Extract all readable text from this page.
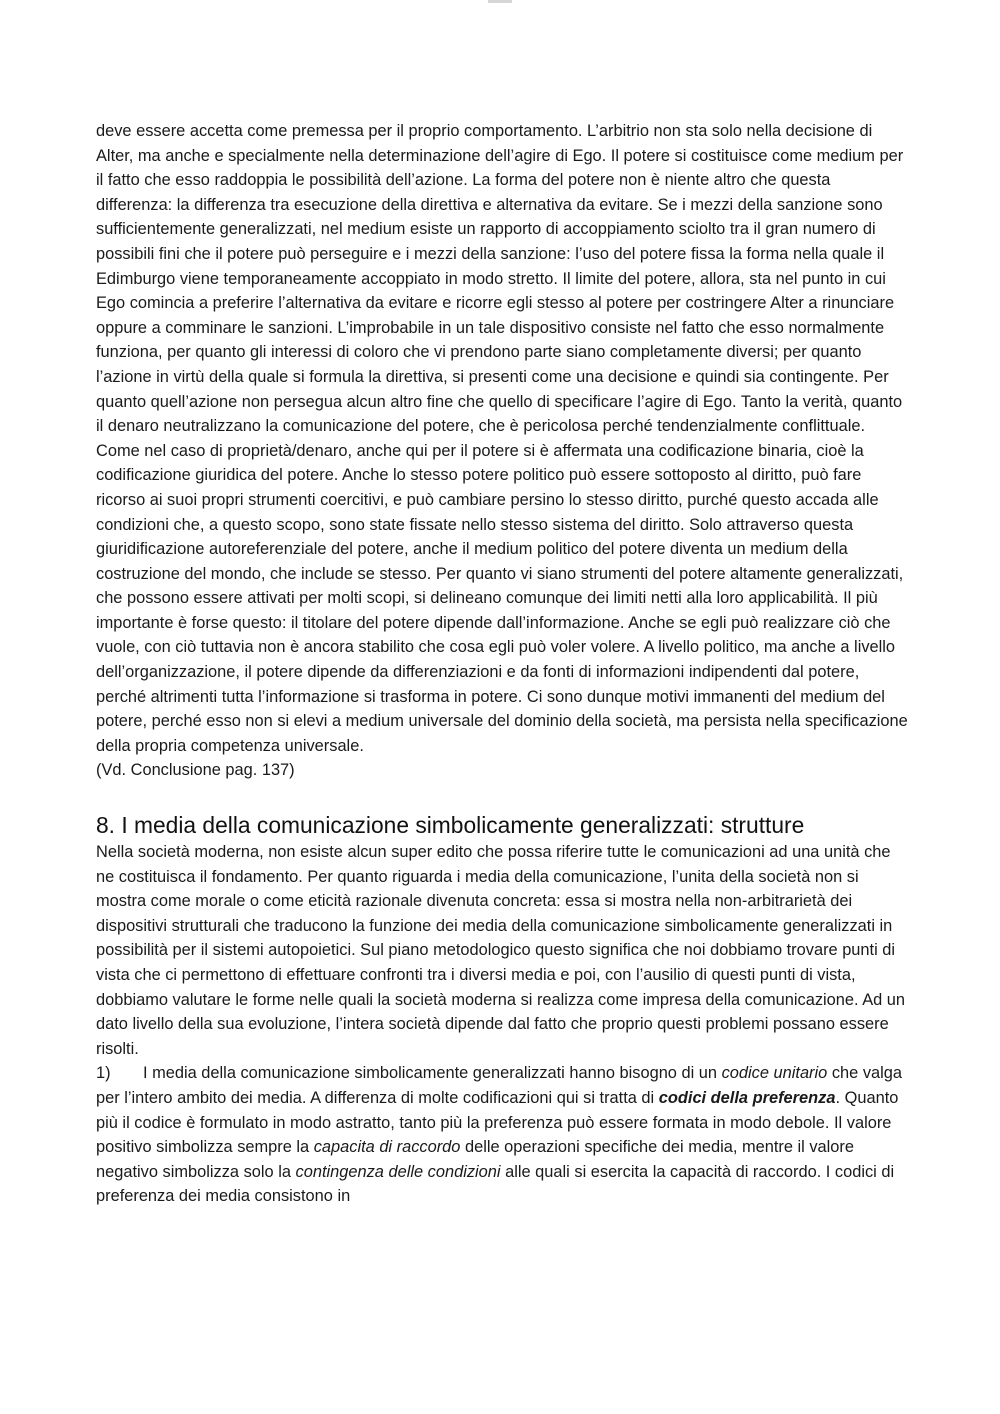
deve essere accetta come premessa per il proprio comportamento. L’arbitrio non sta solo nella decisione di Alter, ma anche e specialmente nella determinazione dell’agire di Ego. Il potere si costituisce come medium per il fatto che esso raddoppia le possibilità dell’azione. La forma del potere non è niente altro che questa differenza: la differenza tra esecuzione della direttiva e alternativa da evitare. Se i mezzi della sanzione sono sufficientemente generalizzati, nel medium esiste un rapporto di accoppiamento sciolto tra il gran numero di possibili fini che il potere può perseguire e i mezzi della sanzione: l’uso del potere fissa la forma nella quale il Edimburgo viene temporaneamente accoppiato in modo stretto. Il limite del potere, allora, sta nel punto in cui Ego comincia a preferire l’alternativa da evitare e ricorre egli stesso al potere per costringere Alter a rinunciare oppure a comminare le sanzioni. L’improbabile in un tale dispositivo consiste nel fatto che esso normalmente funziona, per quanto gli interessi di coloro che vi prendono parte siano completamente diversi; per quanto l’azione in virtù della quale si formula la direttiva, si presenti come una decisione e quindi sia contingente. Per quanto quell’azione non persegua alcun altro fine che quello di specificare l’agire di Ego. Tanto la verità, quanto il denaro neutralizzano la comunicazione del potere, che è pericolosa perché tendenzialmente conflittuale. Come nel caso di proprietà/denaro, anche qui per il potere si è affermata una codificazione binaria, cioè la codificazione giuridica del potere. Anche lo stesso potere politico può essere sottoposto al diritto, può fare ricorso ai suoi propri strumenti coercitivi, e può cambiare persino lo stesso diritto, purché questo accada alle condizioni che, a questo scopo, sono state fissate nello stesso sistema del diritto. Solo attraverso questa giuridificazione autoreferenziale del potere, anche il medium politico del potere diventa un medium della costruzione del mondo, che include se stesso. Per quanto vi siano strumenti del potere altamente generalizzati, che possono essere attivati per molti scopi, si delineano comunque dei limiti netti alla loro applicabilità. Il più importante è forse questo: il titolare del potere dipende dall’informazione. Anche se egli può realizzare ciò che vuole, con ciò tuttavia non è ancora stabilito che cosa egli può voler volere. A livello politico, ma anche a livello dell’organizzazione, il potere dipende da differenziazioni e da fonti di informazioni indipendenti dal potere, perché altrimenti tutta l’informazione si trasforma in potere. Ci sono dunque motivi immanenti del medium del potere, perché esso non si elevi a medium universale del dominio della società, ma persista nella specificazione della propria competenza universale.
(Vd. Conclusione pag. 137)

8. I media della comunicazione simbolicamente generalizzati: strutture

Nella società moderna, non esiste alcun super edito che possa riferire tutte le comunicazioni ad una unità che ne costituisca il fondamento. Per quanto riguarda i media della comunicazione, l’unita della società non si mostra come morale o come eticità razionale divenuta concreta: essa si mostra nella non-arbitrarietà dei dispositivi strutturali che traducono la funzione dei media della comunicazione simbolicamente generalizzati in possibilità per il sistemi autopoietici. Sul piano metodologico questo significa che noi dobbiamo trovare punti di vista che ci permettono di effettuare confronti tra i diversi media e poi, con l’ausilio di questi punti di vista, dobbiamo valutare le forme nelle quali la società moderna si realizza come impresa della comunicazione. Ad un dato livello della sua evoluzione, l’intera società dipende dal fatto che proprio questi problemi possano essere risolti.

1) I media della comunicazione simbolicamente generalizzati hanno bisogno di un codice unitario che valga per l’intero ambito dei media. A differenza di molte codificazioni qui si tratta di codici della preferenza. Quanto più il codice è formulato in modo astratto, tanto più la preferenza può essere formata in modo debole. Il valore positivo simbolizza sempre la capacita di raccordo delle operazioni specifiche dei media, mentre il valore negativo simbolizza solo la contingenza delle condizioni alle quali si esercita la capacità di raccordo. I codici di preferenza dei media consistono in
